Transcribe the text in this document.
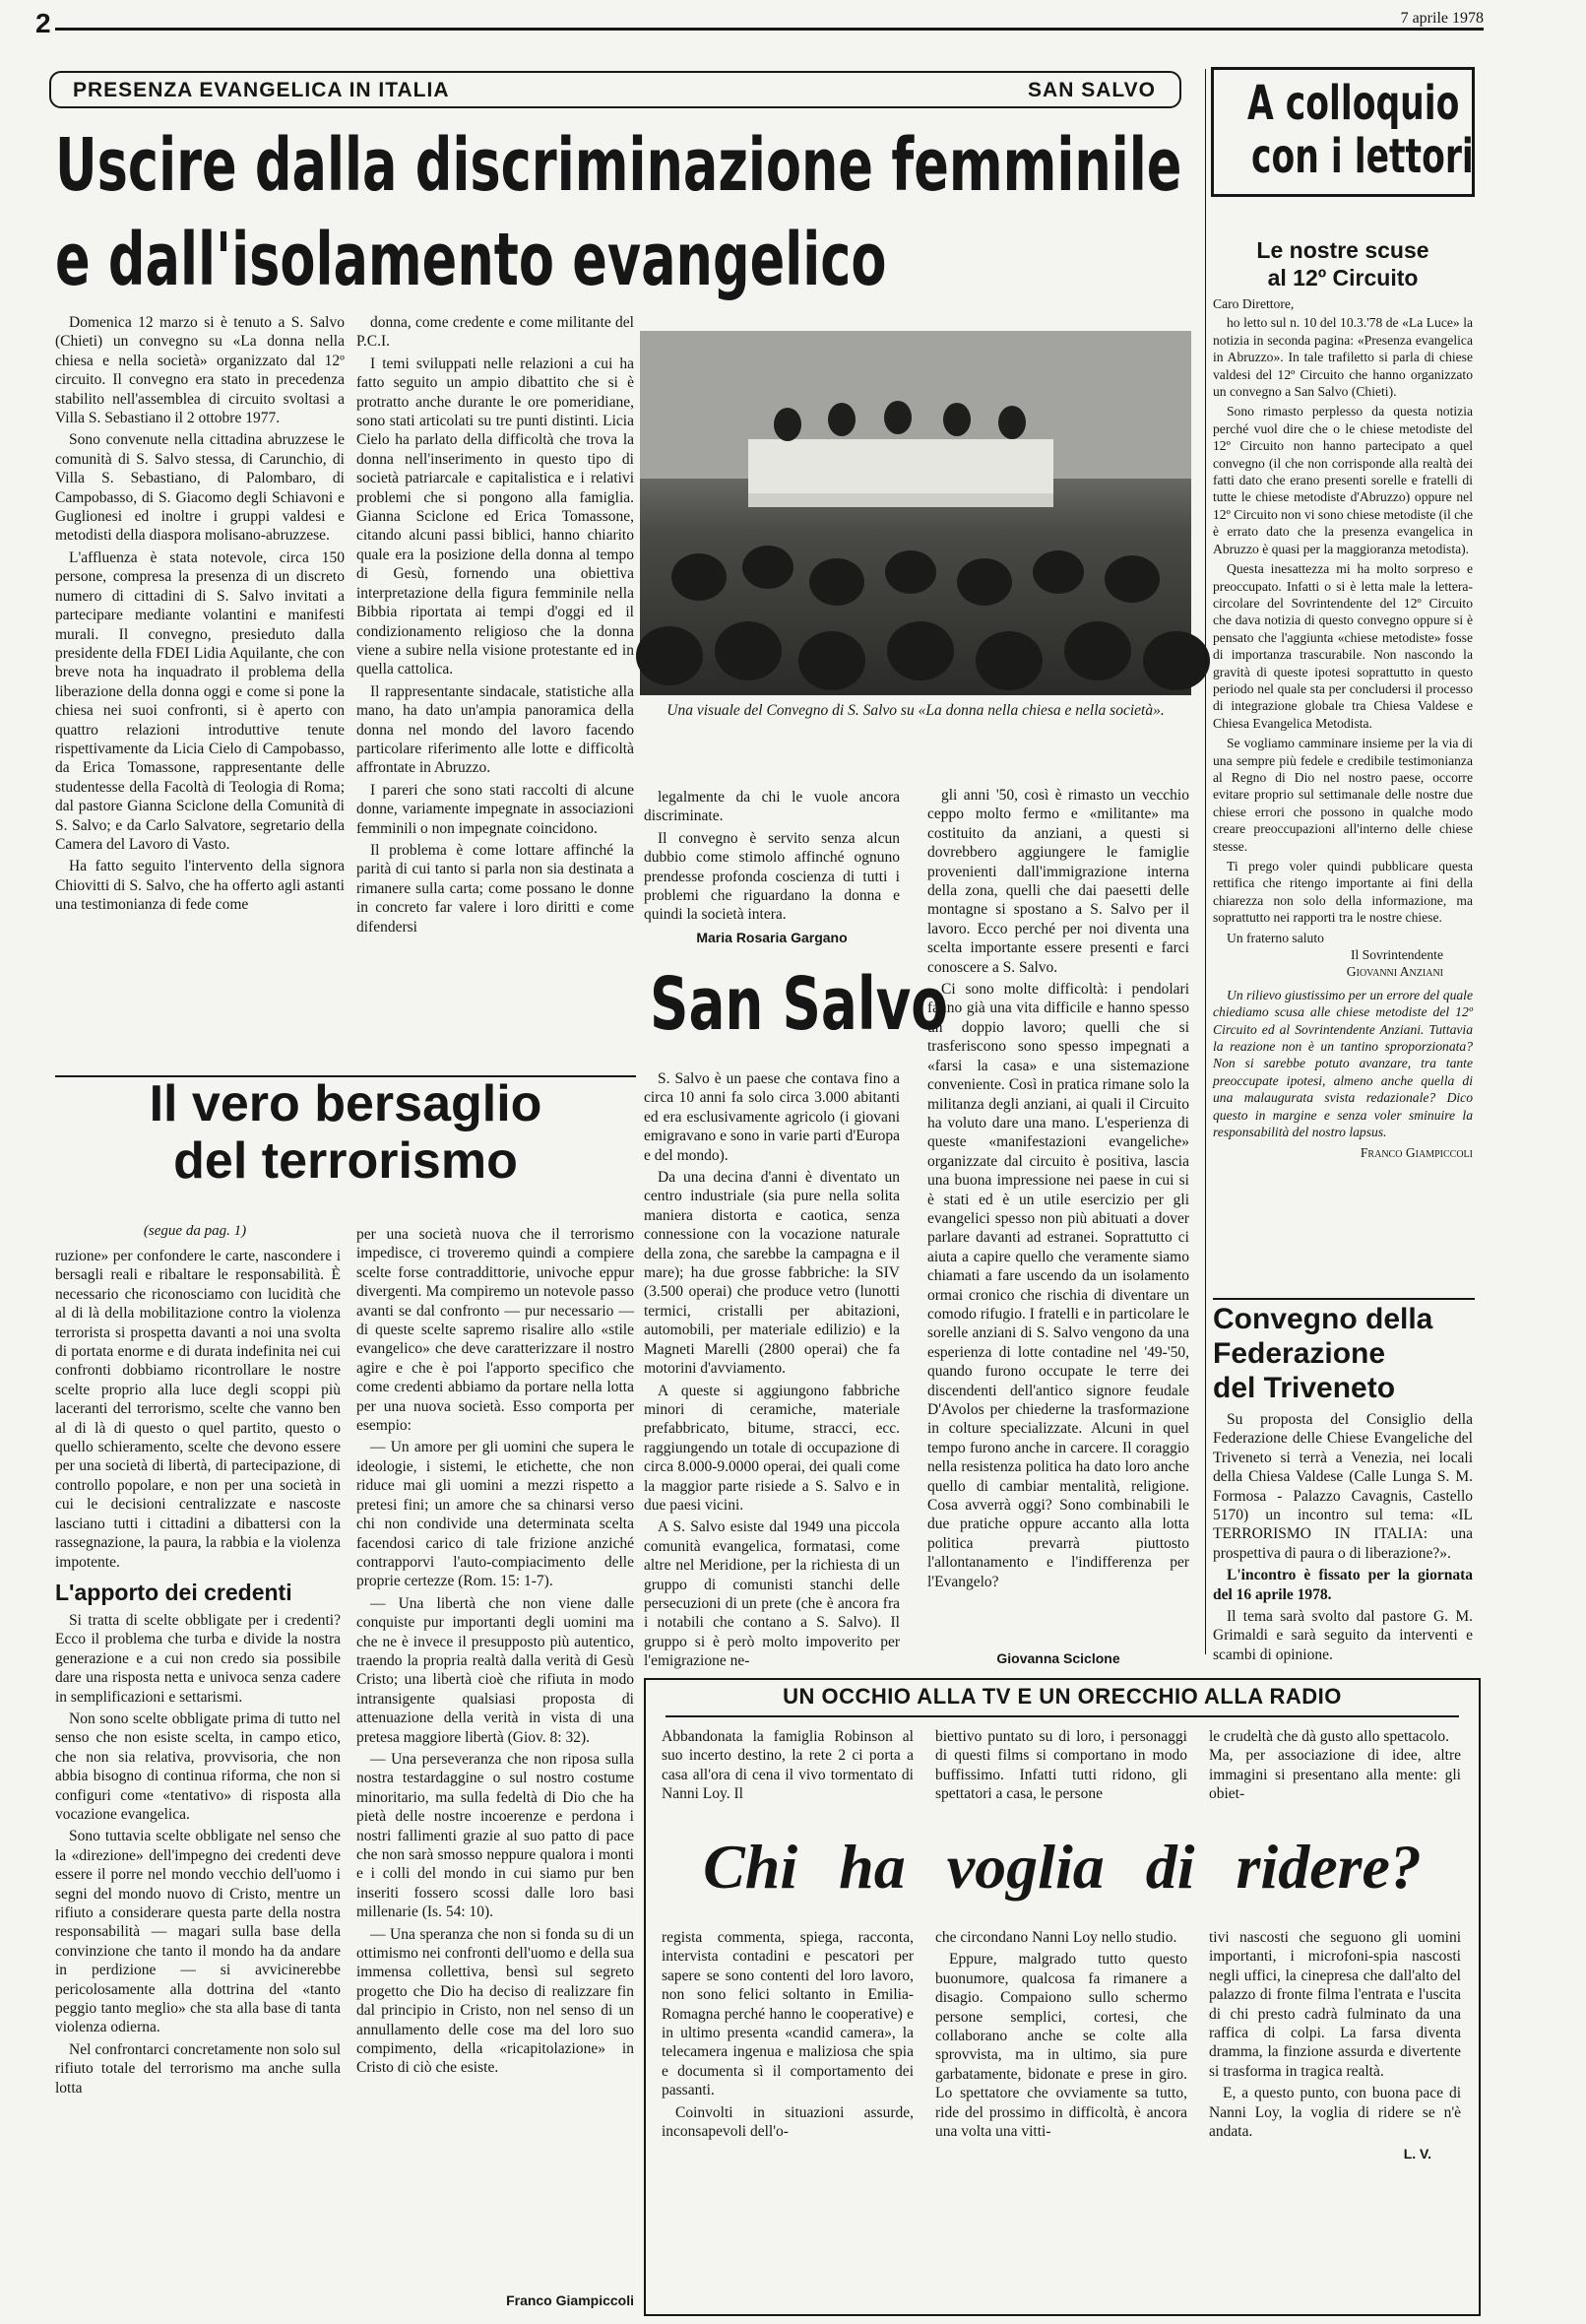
2	7 aprile 1978
PRESENZA EVANGELICA IN ITALIA	SAN SALVO
Uscire dalla discriminazione femminile
e dall'isolamento evangelico

Domenica 12 marzo si è tenuto a S. Salvo (Chieti) un convegno su «La donna nella chiesa e nella società» organizzato dal 12º circuito. Il convegno era stato in precedenza stabilito nell'assemblea di circuito svoltasi a Villa S. Sebastiano il 2 ottobre 1977.

Sono convenute nella cittadina abruzzese le comunità di S. Salvo stessa, di Carunchio, di Villa S. Sebastiano, di Palombaro, di Campobasso, di S. Giacomo degli Schiavoni e Guglionesi ed inoltre i gruppi valdesi e metodisti della diaspora molisano-abruzzese.

L'affluenza è stata notevole, circa 150 persone, compresa la presenza di un discreto numero di cittadini di S. Salvo invitati a partecipare mediante volantini e manifesti murali. Il convegno, presieduto dalla presidente della FDEI Lidia Aquilante, che con breve nota ha inquadrato il problema della liberazione della donna oggi e come si pone la chiesa nei suoi confronti, si è aperto con quattro relazioni introduttive tenute rispettivamente da Licia Cielo di Campobasso, da Erica Tomassone, rappresentante delle studentesse della Facoltà di Teologia di Roma; dal pastore Gianna Sciclone della Comunità di S. Salvo; e da Carlo Salvatore, segretario della Camera del Lavoro di Vasto.

Ha fatto seguito l'intervento della signora Chiovitti di S. Salvo, che ha offerto agli astanti una testimonianza di fede come

donna, come credente e come militante del P.C.I.

I temi sviluppati nelle relazioni a cui ha fatto seguito un ampio dibattito che si è protratto anche durante le ore pomeridiane, sono stati articolati su tre punti distinti. Licia Cielo ha parlato della difficoltà che trova la donna nell'inserimento in questo tipo di società patriarcale e capitalistica e i relativi problemi che si pongono alla famiglia. Gianna Sciclone ed Erica Tomassone, citando alcuni passi biblici, hanno chiarito quale era la posizione della donna al tempo di Gesù, fornendo una obiettiva interpretazione della figura femminile nella Bibbia riportata ai tempi d'oggi ed il condizionamento religioso che la donna viene a subire nella visione protestante ed in quella cattolica.

Il rappresentante sindacale, statistiche alla mano, ha dato un'ampia panoramica della donna nel mondo del lavoro facendo particolare riferimento alle lotte e difficoltà affrontate in Abruzzo.

I pareri che sono stati raccolti di alcune donne, variamente impegnate in associazioni femminili o non impegnate coincidono.

Il problema è come lottare affinché la parità di cui tanto si parla non sia destinata a rimanere sulla carta; come possano le donne in concreto far valere i loro diritti e come difendersi

Una visuale del Convegno di S. Salvo su «La donna nella chiesa e nella società».

legalmente da chi le vuole ancora discriminate.

Il convegno è servito senza alcun dubbio come stimolo affinché ognuno prendesse profonda coscienza di tutti i problemi che riguardano la donna e quindi la società intera.

Maria Rosaria Gargano
San Salvo

S. Salvo è un paese che contava fino a circa 10 anni fa solo circa 3.000 abitanti ed era esclusivamente agricolo (i giovani emigravano e sono in varie parti d'Europa e del mondo).

Da una decina d'anni è diventato un centro industriale (sia pure nella solita maniera distorta e caotica, senza connessione con la vocazione naturale della zona, che sarebbe la campagna e il mare); ha due grosse fabbriche: la SIV (3.500 operai) che produce vetro (lunotti termici, cristalli per abitazioni, automobili, per materiale edilizio) e la Magneti Marelli (2800 operai) che fa motorini d'avviamento.

A queste si aggiungono fabbriche minori di ceramiche, materiale prefabbricato, bitume, stracci, ecc. raggiungendo un totale di occupazione di circa 8.000-9.0000 operai, dei quali come la maggior parte risiede a S. Salvo e in due paesi vicini.

A S. Salvo esiste dal 1949 una piccola comunità evangelica, formatasi, come altre nel Meridione, per la richiesta di un gruppo di comunisti stanchi delle persecuzioni di un prete (che è ancora fra i notabili che contano a S. Salvo). Il gruppo si è però molto impoverito per l'emigrazione ne-

gli anni '50, così è rimasto un vecchio ceppo molto fermo e «militante» ma costituito da anziani, a questi si dovrebbero aggiungere le famiglie provenienti dall'immigrazione interna della zona, quelli che dai paesetti delle montagne si spostano a S. Salvo per il lavoro. Ecco perché per noi diventa una scelta importante essere presenti e farci conoscere a S. Salvo.

Ci sono molte difficoltà: i pendolari fanno già una vita difficile e hanno spesso un doppio lavoro; quelli che si trasferiscono sono spesso impegnati a «farsi la casa» e una sistemazione conveniente. Così in pratica rimane solo la militanza degli anziani, ai quali il Circuito ha voluto dare una mano. L'esperienza di queste «manifestazioni evangeliche» organizzate dal circuito è positiva, lascia una buona impressione nei paese in cui si è stati ed è un utile esercizio per gli evangelici spesso non più abituati a dover parlare davanti ad estranei. Soprattutto ci aiuta a capire quello che veramente siamo chiamati a fare uscendo da un isolamento ormai cronico che rischia di diventare un comodo rifugio. I fratelli e in particolare le sorelle anziani di S. Salvo vengono da una esperienza di lotte contadine nel '49-'50, quando furono occupate le terre dei discendenti dell'antico signore feudale D'Avolos per chiederne la trasformazione in colture specializzate. Alcuni in quel tempo furono anche in carcere. Il coraggio nella resistenza politica ha dato loro anche quello di cambiar mentalità, religione. Cosa avverrà oggi? Sono combinabili le due pratiche oppure accanto alla lotta politica prevarrà piuttosto l'allontanamento e l'indifferenza per l'Evangelo?

Giovanna Sciclone
A colloquio
con i lettori
Le nostre scuse
al 12º Circuito
Caro Direttore,

ho letto sul n. 10 del 10.3.'78 de «La Luce» la notizia in seconda pagina: «Presenza evangelica in Abruzzo». In tale trafiletto si parla di chiese valdesi del 12º Circuito che hanno organizzato un convegno a San Salvo (Chieti).

Sono rimasto perplesso da questa notizia perché vuol dire che o le chiese metodiste del 12º Circuito non hanno partecipato a quel convegno (il che non corrisponde alla realtà dei fatti dato che erano presenti sorelle e fratelli di tutte le chiese metodiste d'Abruzzo) oppure nel 12º Circuito non vi sono chiese metodiste (il che è errato dato che la presenza evangelica in Abruzzo è quasi per la maggioranza metodista).

Questa inesattezza mi ha molto sorpreso e preoccupato. Infatti o si è letta male la lettera-circolare del Sovrintendente del 12º Circuito che dava notizia di questo convegno oppure si è pensato che l'aggiunta «chiese metodiste» fosse di importanza trascurabile. Non nascondo la gravità di queste ipotesi soprattutto in questo periodo nel quale sta per concludersi il processo di integrazione globale tra Chiesa Valdese e Chiesa Evangelica Metodista.

Se vogliamo camminare insieme per la via di una sempre più fedele e credibile testimonianza al Regno di Dio nel nostro paese, occorre evitare proprio sul settimanale delle nostre due chiese errori che possono in qualche modo creare preoccupazioni all'interno delle chiese stesse.

Ti prego voler quindi pubblicare questa rettifica che ritengo importante ai fini della chiarezza non solo della informazione, ma soprattutto nei rapporti tra le nostre chiese.

Un fraterno saluto
Il Sovrintendente
Giovanni Anziani

Un rilievo giustissimo per un errore del quale chiediamo scusa alle chiese metodiste del 12º Circuito ed al Sovrintendente Anziani. Tuttavia la reazione non è un tantino sproporzionata? Non si sarebbe potuto avanzare, tra tante preoccupate ipotesi, almeno anche quella di una malaugurata svista redazionale? Dico questo in margine e senza voler sminuire la responsabilità del nostro lapsus.

Franco Giampiccoli
Convegno della
Federazione
del Triveneto

Su proposta del Consiglio della Federazione delle Chiese Evangeliche del Triveneto si terrà a Venezia, nei locali della Chiesa Valdese (Calle Lunga S. M. Formosa - Palazzo Cavagnis, Castello 5170) un incontro sul tema: «IL TERRORISMO IN ITALIA: una prospettiva di paura o di liberazione?».

L'incontro è fissato per la giornata del 16 aprile 1978.

Il tema sarà svolto dal pastore G. M. Grimaldi e sarà seguito da interventi e scambi di opinione.

Il vero bersaglio
del terrorismo
(segue da pag. 1)

ruzione» per confondere le carte, nascondere i bersagli reali e ribaltare le responsabilità. È necessario che riconosciamo con lucidità che al di là della mobilitazione contro la violenza terrorista si prospetta davanti a noi una svolta di portata enorme e di durata indefinita nei cui confronti dobbiamo ricontrollare le nostre scelte proprio alla luce degli scoppi più laceranti del terrorismo, scelte che vanno ben al di là di questo o quel partito, questo o quello schieramento, scelte che devono essere per una società di libertà, di partecipazione, di controllo popolare, e non per una società in cui le decisioni centralizzate e nascoste lasciano tutti i cittadini a dibattersi con la rassegnazione, la paura, la rabbia e la violenza impotente.

L'apporto dei credenti

Si tratta di scelte obbligate per i credenti? Ecco il problema che turba e divide la nostra generazione e a cui non credo sia possibile dare una risposta netta e univoca senza cadere in semplificazioni e settarismi.

Non sono scelte obbligate prima di tutto nel senso che non esiste scelta, in campo etico, che non sia relativa, provvisoria, che non abbia bisogno di continua riforma, che non si configuri come «tentativo» di risposta alla vocazione evangelica.

Sono tuttavia scelte obbligate nel senso che la «direzione» dell'impegno dei credenti deve essere il porre nel mondo vecchio dell'uomo i segni del mondo nuovo di Cristo, mentre un rifiuto a considerare questa parte della nostra responsabilità — magari sulla base della convinzione che tanto il mondo ha da andare in perdizione — si avvicinerebbe pericolosamente alla dottrina del «tanto peggio tanto meglio» che sta alla base di tanta violenza odierna.

Nel confrontarci concretamente non solo sul rifiuto totale del terrorismo ma anche sulla lotta

per una società nuova che il terrorismo impedisce, ci troveremo quindi a compiere scelte forse contraddittorie, univoche eppur divergenti. Ma compiremo un notevole passo avanti se dal confronto — pur necessario — di queste scelte sapremo risalire allo «stile evangelico» che deve caratterizzare il nostro agire e che è poi l'apporto specifico che come credenti abbiamo da portare nella lotta per una nuova società. Esso comporta per esempio:

— Un amore per gli uomini che supera le ideologie, i sistemi, le etichette, che non riduce mai gli uomini a mezzi rispetto a pretesi fini; un amore che sa chinarsi verso chi non condivide una determinata scelta facendosi carico di tale frizione anziché contrapporvi l'auto-compiacimento delle proprie certezze (Rom. 15: 1-7).

— Una libertà che non viene dalle conquiste pur importanti degli uomini ma che ne è invece il presupposto più autentico, traendo la propria realtà dalla verità di Gesù Cristo; una libertà cioè che rifiuta in modo intransigente qualsiasi proposta di attenuazione della verità in vista di una pretesa maggiore libertà (Giov. 8: 32).

— Una perseveranza che non riposa sulla nostra testardaggine o sul nostro costume minoritario, ma sulla fedeltà di Dio che ha pietà delle nostre incoerenze e perdona i nostri fallimenti grazie al suo patto di pace che non sarà smosso neppure qualora i monti e i colli del mondo in cui siamo pur ben inseriti fossero scossi dalle loro basi millenarie (Is. 54: 10).

— Una speranza che non si fonda su di un ottimismo nei confronti dell'uomo e della sua immensa collettiva, bensì sul segreto progetto che Dio ha deciso di realizzare fin dal principio in Cristo, non nel senso di un annullamento delle cose ma del loro suo compimento, della «ricapitolazione» in Cristo di ciò che esiste.

Franco Giampiccoli
UN OCCHIO ALLA TV E UN ORECCHIO ALLA RADIO
Abbandonata la famiglia Robinson al suo incerto destino, la rete 2 ci porta a casa all'ora di cena il vivo tormentato di Nanni Loy. Il
biettivo puntato su di loro, i personaggi di questi films si comportano in modo buffissimo. Infatti tutti ridono, gli spettatori a casa, le persone
le crudeltà che dà gusto allo spettacolo.
Ma, per associazione di idee, altre immagini si presentano alla mente: gli obiet-
Chi ha voglia di ridere?

regista commenta, spiega, racconta, intervista contadini e pescatori per sapere se sono contenti del loro lavoro, non sono felici soltanto in Emilia-Romagna perché hanno le cooperative) e in ultimo presenta «candid camera», la telecamera ingenua e maliziosa che spia e documenta sì il comportamento dei passanti.

Coinvolti in situazioni assurde, inconsapevoli dell'o-

che circondano Nanni Loy nello studio.

Eppure, malgrado tutto questo buonumore, qualcosa fa rimanere a disagio. Compaiono sullo schermo persone semplici, cortesi, che collaborano anche se colte alla sprovvista, ma in ultimo, sia pure garbatamente, bidonate e prese in giro. Lo spettatore che ovviamente sa tutto, ride del prossimo in difficoltà, è ancora una volta una vitti-

tivi nascosti che seguono gli uomini importanti, i microfoni-spia nascosti negli uffici, la cinepresa che dall'alto del palazzo di fronte filma l'entrata e l'uscita di chi presto cadrà fulminato da una raffica di colpi. La farsa diventa dramma, la finzione assurda e divertente si trasforma in tragica realtà.

E, a questo punto, con buona pace di Nanni Loy, la voglia di ridere se n'è andata.

L. V.
